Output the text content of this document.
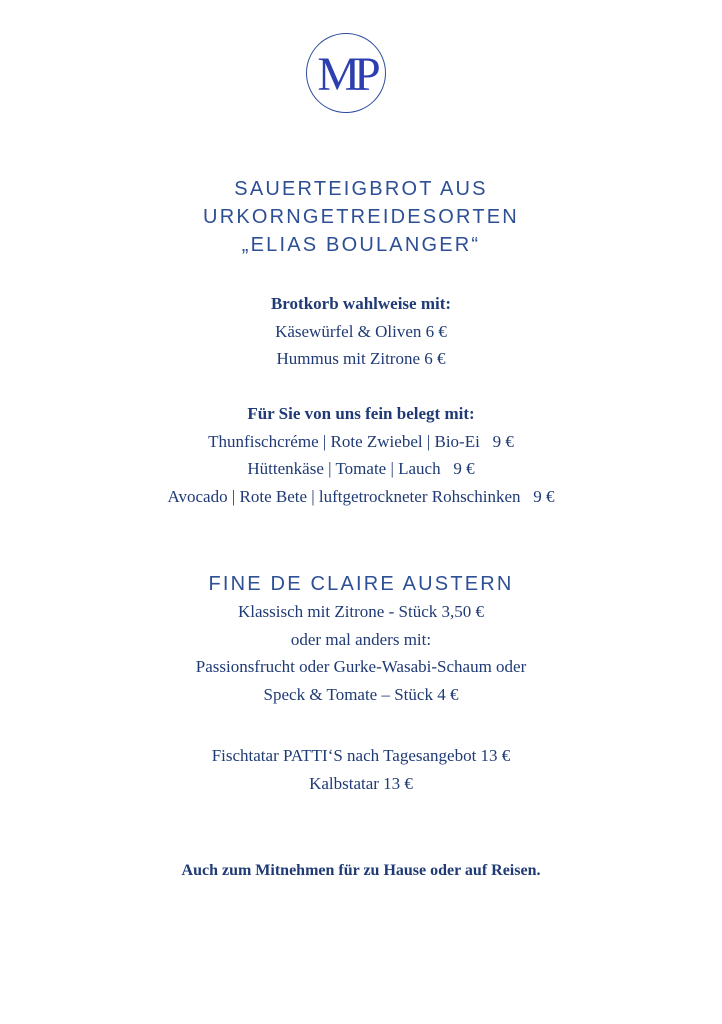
MP
SAUERTEIGBROT AUS
URKORNGETREIDESORTEN
„ELIAS BOULANGER“
Brotkorb wahlweise mit:
Käsewürfel & Oliven 6 €
Hummus mit Zitrone 6 €
Für Sie von uns fein belegt mit:
Thunfischcréme | Rote Zwiebel | Bio-Ei   9 €
Hüttenkäse | Tomate | Lauch   9 €
Avocado | Rote Bete | luftgetrockneter Rohschinken   9 €
FINE DE CLAIRE AUSTERN
Klassisch mit Zitrone - Stück 3,50 €
oder mal anders mit:
Passionsfrucht oder Gurke-Wasabi-Schaum oder
Speck & Tomate – Stück 4 €
Fischtatar PATTI‘S nach Tagesangebot 13 €
Kalbstatar 13 €
Auch zum Mitnehmen für zu Hause oder auf Reisen.
